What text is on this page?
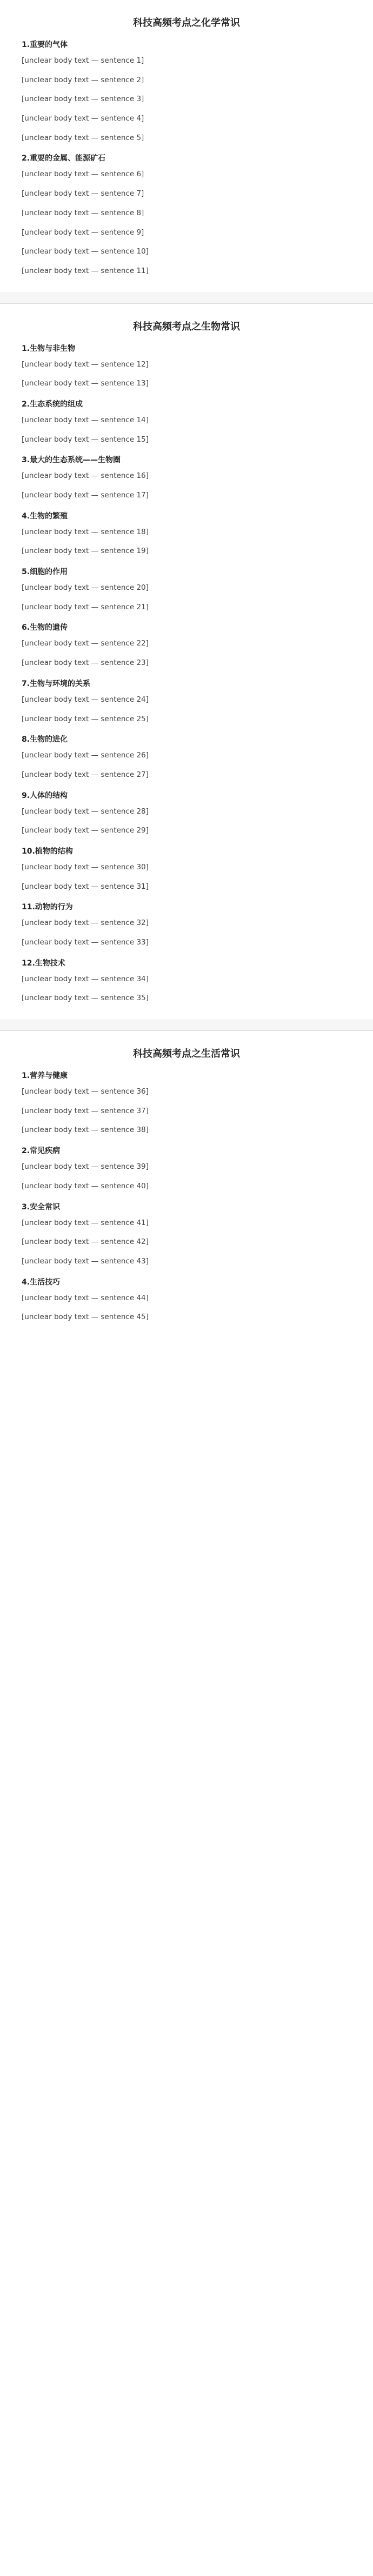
科技高频考点之化学常识
1.重要的气体
[unclear body text — sentence 1]
[unclear body text — sentence 2]
[unclear body text — sentence 3]
[unclear body text — sentence 4]
[unclear body text — sentence 5]
2.重要的金属、能源矿石
[unclear body text — sentence 6]
[unclear body text — sentence 7]
[unclear body text — sentence 8]
[unclear body text — sentence 9]
[unclear body text — sentence 10]
[unclear body text — sentence 11]
科技高频考点之生物常识
1.生物与非生物
[unclear body text — sentence 12]
[unclear body text — sentence 13]
2.生态系统的组成
[unclear body text — sentence 14]
[unclear body text — sentence 15]
3.最大的生态系统——生物圈
[unclear body text — sentence 16]
[unclear body text — sentence 17]
4.生物的繁殖
[unclear body text — sentence 18]
[unclear body text — sentence 19]
5.细胞的作用
[unclear body text — sentence 20]
[unclear body text — sentence 21]
6.生物的遗传
[unclear body text — sentence 22]
[unclear body text — sentence 23]
7.生物与环境的关系
[unclear body text — sentence 24]
[unclear body text — sentence 25]
8.生物的进化
[unclear body text — sentence 26]
[unclear body text — sentence 27]
9.人体的结构
[unclear body text — sentence 28]
[unclear body text — sentence 29]
10.植物的结构
[unclear body text — sentence 30]
[unclear body text — sentence 31]
11.动物的行为
[unclear body text — sentence 32]
[unclear body text — sentence 33]
12.生物技术
[unclear body text — sentence 34]
[unclear body text — sentence 35]
科技高频考点之生活常识
1.营养与健康
[unclear body text — sentence 36]
[unclear body text — sentence 37]
[unclear body text — sentence 38]
2.常见疾病
[unclear body text — sentence 39]
[unclear body text — sentence 40]
3.安全常识
[unclear body text — sentence 41]
[unclear body text — sentence 42]
[unclear body text — sentence 43]
4.生活技巧
[unclear body text — sentence 44]
[unclear body text — sentence 45]
